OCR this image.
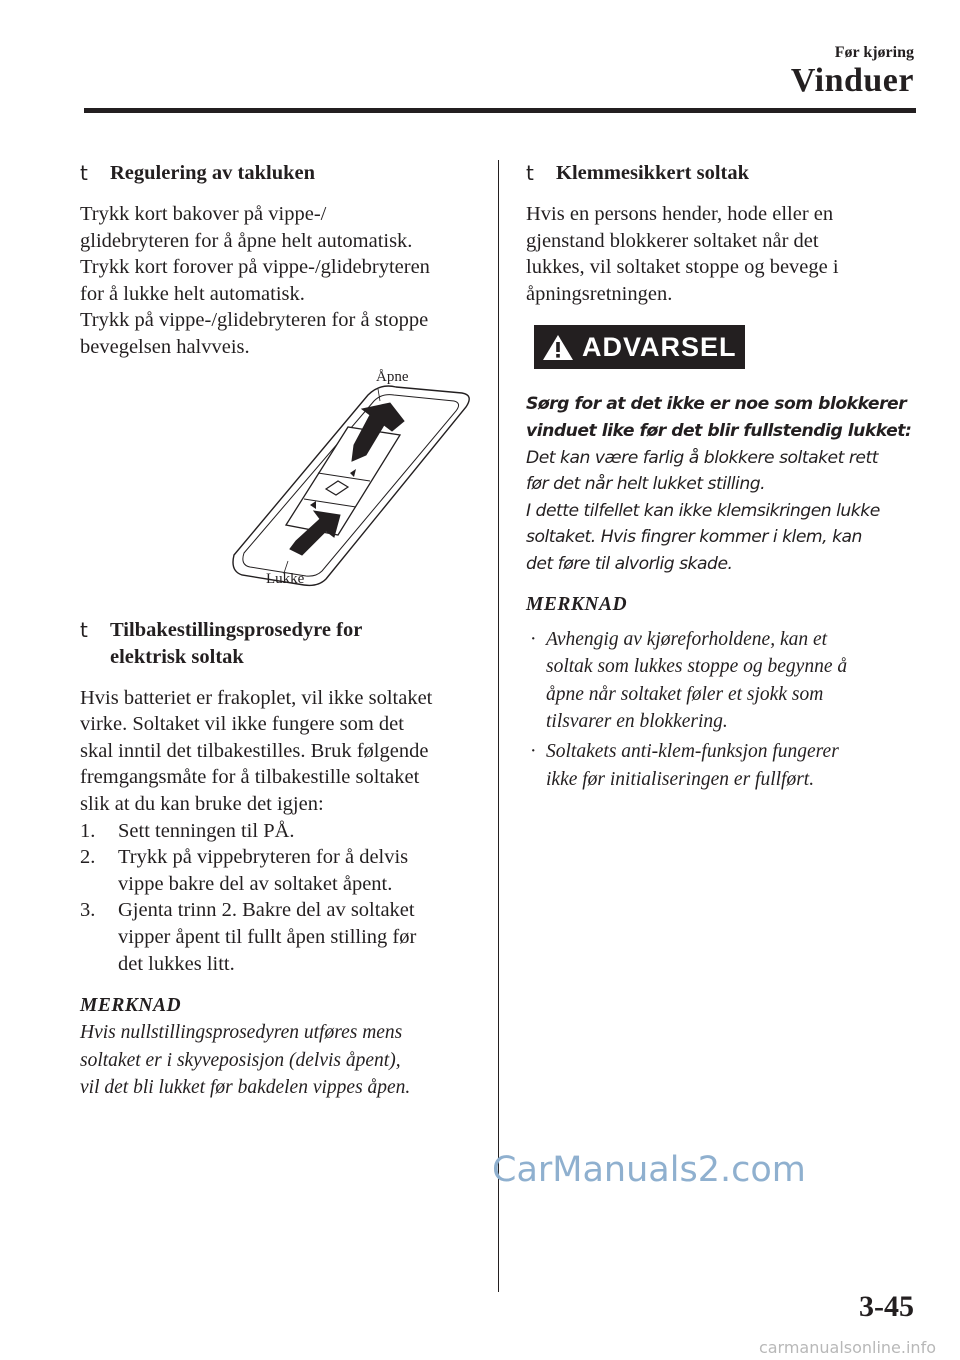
Før kjøring
Vinduer
t Regulering av takluken
Trykk kort bakover på vippe-/
glidebryteren for å åpne helt automatisk.
Trykk kort forover på vippe-/glidebryteren
for å lukke helt automatisk.
Trykk på vippe-/glidebryteren for å stoppe
bevegelsen halvveis.
Åpne
Lukke
t Tilbakestillingsprosedyre for
elektrisk soltak
Hvis batteriet er frakoplet, vil ikke soltaket
virke. Soltaket vil ikke fungere som det
skal inntil det tilbakestilles. Bruk følgende
fremgangsmåte for å tilbakestille soltaket
slik at du kan bruke det igjen:
1. Sett tenningen til PÅ.
2. Trykk på vippebryteren for å delvis
vippe bakre del av soltaket åpent.
3. Gjenta trinn 2. Bakre del av soltaket
vipper åpent til fullt åpen stilling før
det lukkes litt.
MERKNAD
Hvis nullstillingsprosedyren utføres mens
soltaket er i skyveposisjon (delvis åpent),
vil det bli lukket før bakdelen vippes åpen.
t Klemmesikkert soltak
Hvis en persons hender, hode eller en
gjenstand blokkerer soltaket når det
lukkes, vil soltaket stoppe og bevege i
åpningsretningen.
ADVARSEL
Sørg for at det ikke er noe som blokkerer
vinduet like før det blir fullstendig lukket:
Det kan være farlig å blokkere soltaket rett
før det når helt lukket stilling.
I dette tilfellet kan ikke klemsikringen lukke
soltaket. Hvis fingrer kommer i klem, kan
det føre til alvorlig skade.
MERKNAD
· Avhengig av kjøreforholdene, kan et
soltak som lukkes stoppe og begynne å
åpne når soltaket føler et sjokk som
tilsvarer en blokkering.
· Soltakets anti-klem-funksjon fungerer
ikke før initialiseringen er fullført.
CarManuals2.com
3-45
carmanualsonline.info
